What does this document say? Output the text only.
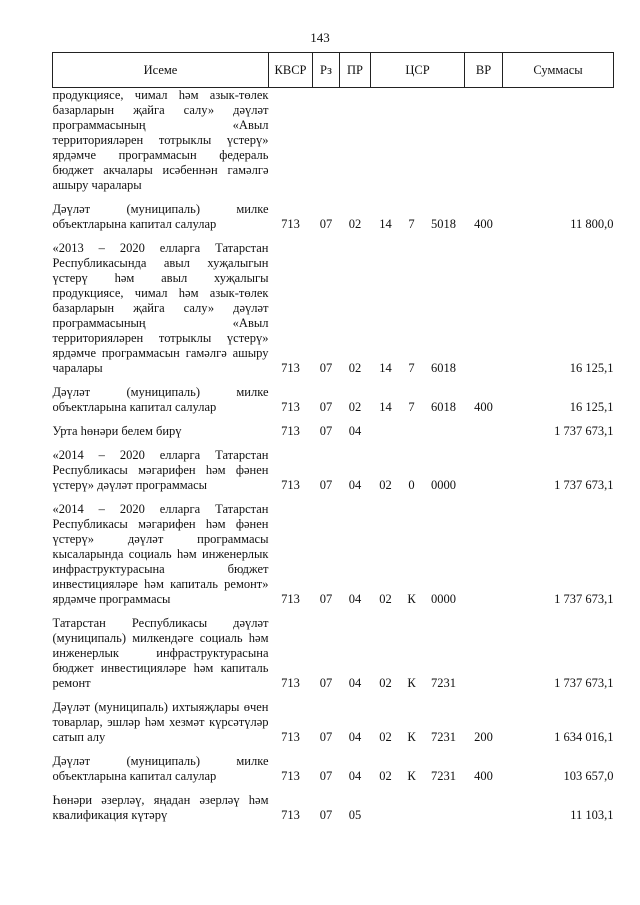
143
Исеме	КВСР	Рз	ПР	ЦСР			ВР	Суммасы
продукциясе, чимал һәм азык-төлек базарларын җайга салу» дәүләт программасының «Авыл территорияләрен тотрыклы үстерү» ярдәмче программасын федераль бюджет акчалары исәбеннән гамәлгә ашыру чаралары								
Дәүләт (муниципаль) милке объектларына капитал салулар	713	07	02	14	7	5018	400	11 800,0
«2013 – 2020 елларга Татарстан Республикасында авыл хуҗалыгын үстерү һәм авыл хуҗалыгы продукциясе, чимал һәм азык-төлек базарларын җайга салу» дәүләт программасының «Авыл территорияләрен тотрыклы үстерү» ярдәмче программасын гамәлгә ашыру чаралары	713	07	02	14	7	6018		16 125,1
Дәүләт (муниципаль) милке объектларына капитал салулар	713	07	02	14	7	6018	400	16 125,1
Урта һөнәри белем бирү	713	07	04					1 737 673,1
«2014 – 2020 елларга Татарстан Республикасы мәгарифен һәм фәнен үстерү» дәүләт программасы	713	07	04	02	0	0000		1 737 673,1
«2014 – 2020 елларга Татарстан Республикасы мәгарифен һәм фәнен үстерү» дәүләт программасы кысаларында социаль һәм инженерлык инфраструктурасына бюджет инвестицияләре һәм капиталь ремонт» ярдәмче программасы	713	07	04	02	К	0000		1 737 673,1
Татарстан Республикасы дәүләт (муниципаль) милкендәге социаль һәм инженерлык инфраструктурасына бюджет инвестицияләре һәм капиталь ремонт	713	07	04	02	К	7231		1 737 673,1
Дәүләт (муниципаль) ихтыяҗлары өчен товарлар, эшләр һәм хезмәт күрсәтүләр сатып алу	713	07	04	02	К	7231	200	1 634 016,1
Дәүләт (муниципаль) милке объектларына капитал салулар	713	07	04	02	К	7231	400	103 657,0
Һөнәри әзерләү, яңадан әзерләү һәм квалификация күтәрү	713	07	05					11 103,1
